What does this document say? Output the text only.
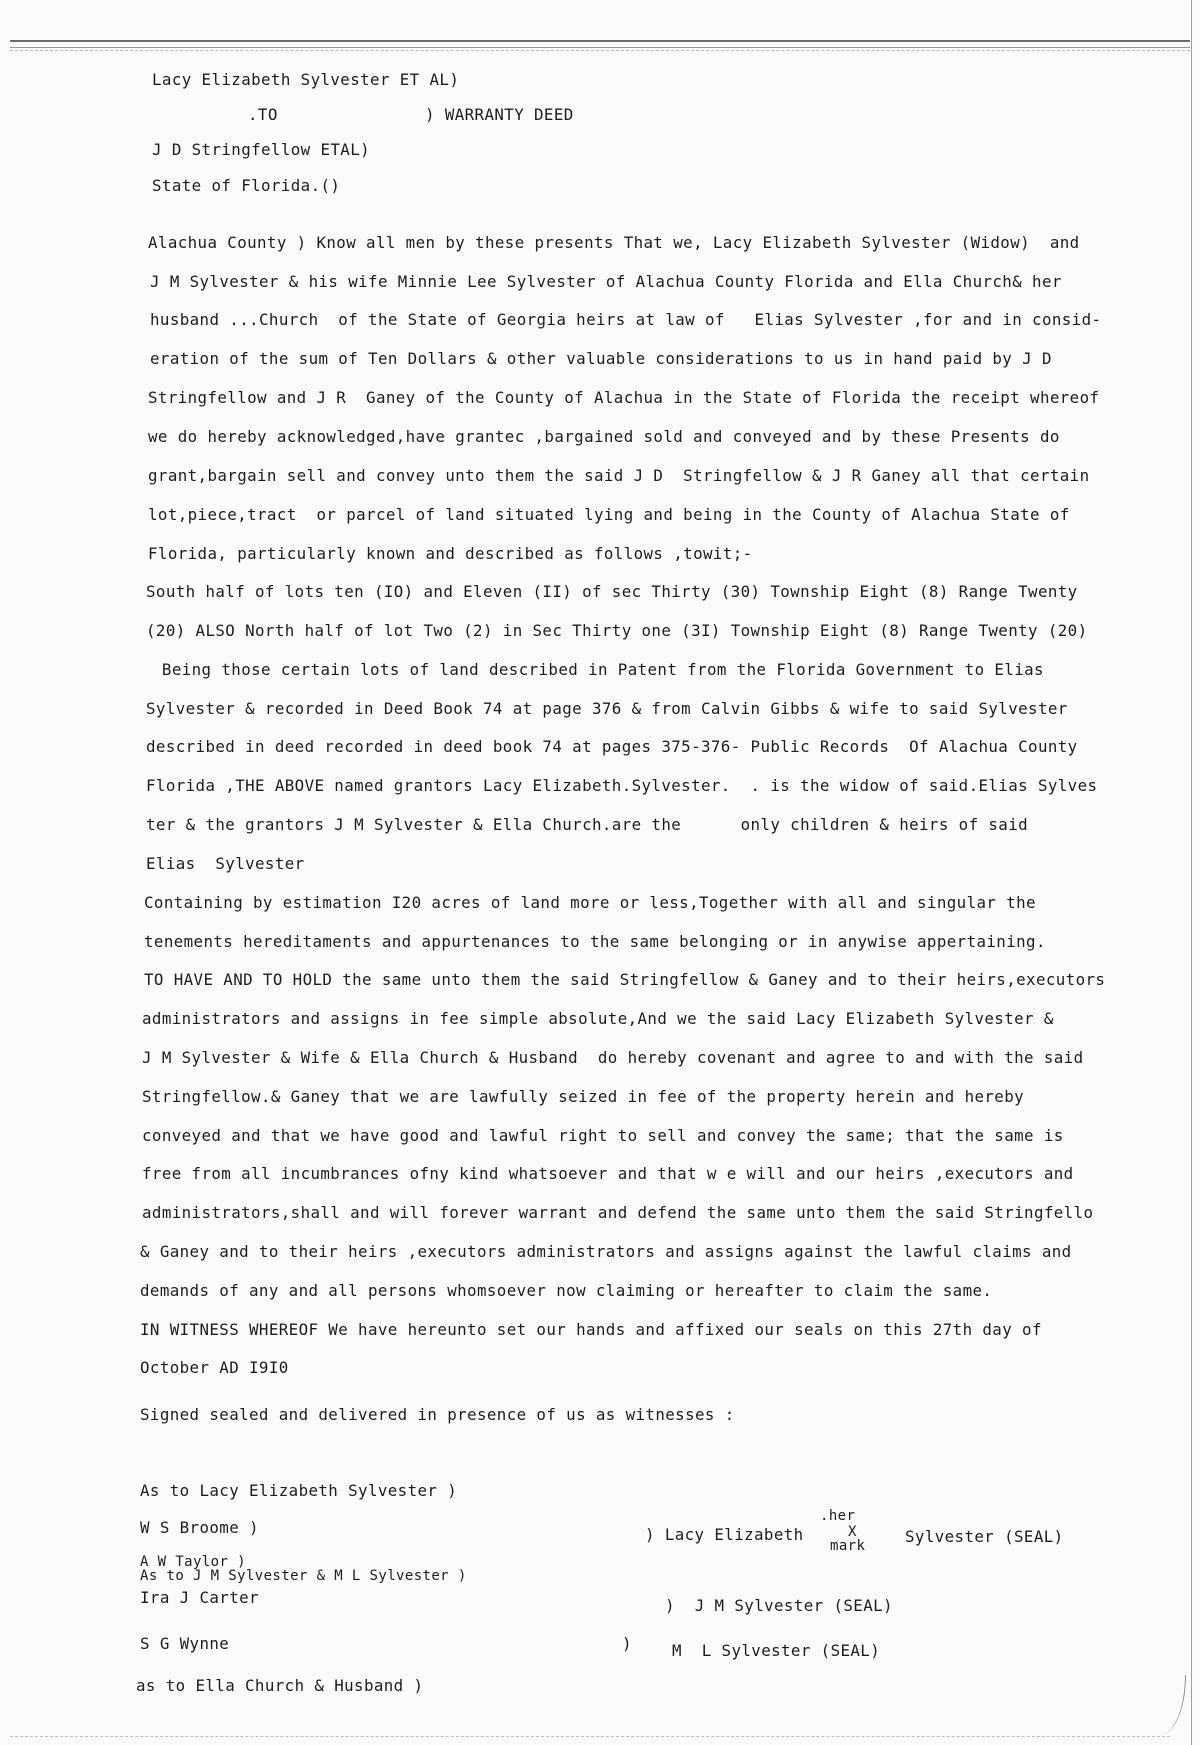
Lacy Elizabeth Sylvester ET AL)
.TO	) WARRANTY DEED
J D Stringfellow ETAL)
State of Florida.()
Alachua County ) Know all men by these presents That we, Lacy Elizabeth Sylvester (Widow)  and
J M Sylvester & his wife Minnie Lee Sylvester of Alachua County Florida and Ella Church& her
husband ...Church  of the State of Georgia heirs at law of   Elias Sylvester ,for and in consid-
eration of the sum of Ten Dollars & other valuable considerations to us in hand paid by J D
Stringfellow and J R  Ganey of the County of Alachua in the State of Florida the receipt whereof
we do hereby acknowledged,have grantec ,bargained sold and conveyed and by these Presents do
grant,bargain sell and convey unto them the said J D  Stringfellow & J R Ganey all that certain
lot,piece,tract  or parcel of land situated lying and being in the County of Alachua State of
Florida, particularly known and described as follows ,towit;-
South half of lots ten (IO) and Eleven (II) of sec Thirty (30) Township Eight (8) Range Twenty
(20) ALSO North half of lot Two (2) in Sec Thirty one (3I) Township Eight (8) Range Twenty (20)
Being those certain lots of land described in Patent from the Florida Government to Elias
Sylvester & recorded in Deed Book 74 at page 376 & from Calvin Gibbs & wife to said Sylvester
described in deed recorded in deed book 74 at pages 375-376- Public Records  Of Alachua County
Florida ,THE ABOVE named grantors Lacy Elizabeth.Sylvester.  . is the widow of said.Elias Sylves
ter & the grantors J M Sylvester & Ella Church.are the      only children & heirs of said
Elias  Sylvester
Containing by estimation I20 acres of land more or less,Together with all and singular the
tenements hereditaments and appurtenances to the same belonging or in anywise appertaining.
TO HAVE AND TO HOLD the same unto them the said Stringfellow & Ganey and to their heirs,executors
administrators and assigns in fee simple absolute,And we the said Lacy Elizabeth Sylvester &
J M Sylvester & Wife & Ella Church & Husband  do hereby covenant and agree to and with the said
Stringfellow.& Ganey that we are lawfully seized in fee of the property herein and hereby
conveyed and that we have good and lawful right to sell and convey the same; that the same is
free from all incumbrances ofny kind whatsoever and that w e will and our heirs ,executors and
administrators,shall and will forever warrant and defend the same unto them the said Stringfello
& Ganey and to their heirs ,executors administrators and assigns against the lawful claims and
demands of any and all persons whomsoever now claiming or hereafter to claim the same.
IN WITNESS WHEREOF We have hereunto set our hands and affixed our seals on this 27th day of
October AD I9I0
Signed sealed and delivered in presence of us as witnesses :
As to Lacy Elizabeth Sylvester )
W S Broome )
A W Taylor )
As to J M Sylvester & M L Sylvester )
Ira J Carter
S G Wynne	)
as to Ella Church & Husband )
) Lacy Elizabeth
.her
X
mark	Sylvester (SEAL)
)  J M Sylvester (SEAL)
M  L Sylvester (SEAL)
